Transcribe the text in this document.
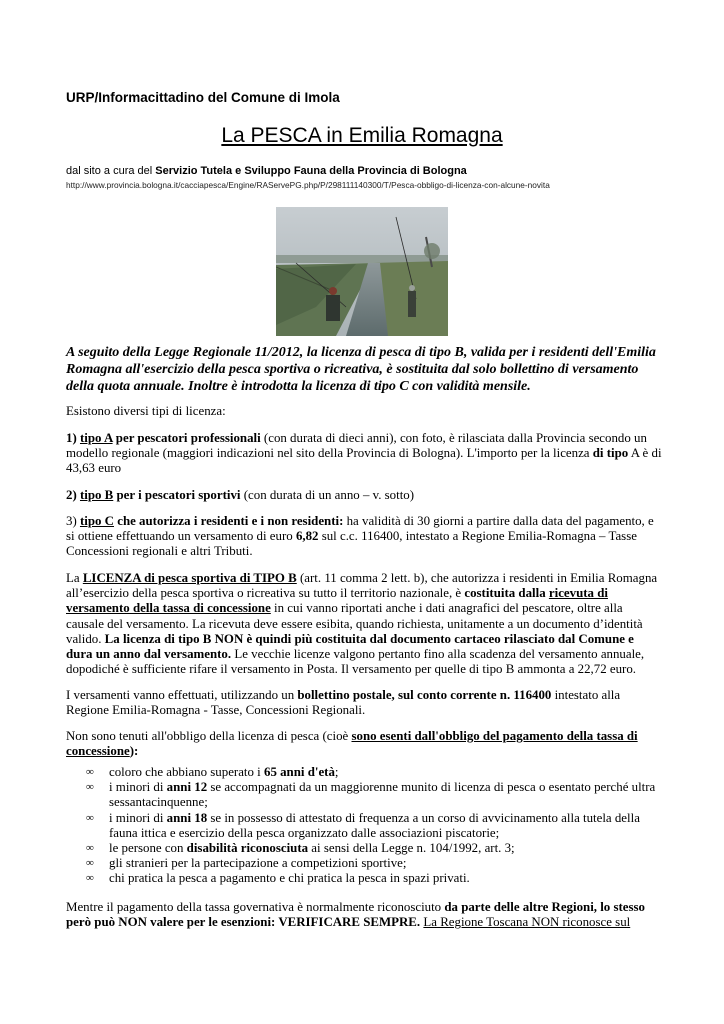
URP/Informacittadino del Comune di Imola
La PESCA in Emilia Romagna
dal sito a cura del Servizio Tutela e Sviluppo Fauna della Provincia di Bologna
http://www.provincia.bologna.it/cacciapesca/Engine/RAServePG.php/P/298111140300/T/Pesca-obbligo-di-licenza-con-alcune-novita
A seguito della Legge Regionale 11/2012, la licenza di pesca di tipo B, valida per i residenti dell'Emilia Romagna all'esercizio della pesca sportiva o ricreativa, è sostituita dal solo bollettino di versamento della quota annuale. Inoltre è introdotta la licenza di tipo C con validità mensile.
Esistono diversi tipi di licenza:
1) tipo A per pescatori professionali (con durata di dieci anni), con foto, è rilasciata dalla Provincia secondo un modello regionale (maggiori indicazioni nel sito della Provincia di Bologna). L'importo per la licenza di tipo A è di 43,63 euro
2) tipo B per i pescatori sportivi (con durata di un anno – v. sotto)
3) tipo C che autorizza i residenti e i non residenti: ha validità di 30 giorni a partire dalla data del pagamento, e si ottiene effettuando un versamento di euro 6,82 sul c.c. 116400, intestato a Regione Emilia-Romagna – Tasse Concessioni regionali e altri Tributi.
La LICENZA di pesca sportiva di TIPO B (art. 11 comma 2 lett. b), che autorizza i residenti in Emilia Romagna all’esercizio della pesca sportiva o ricreativa su tutto il territorio nazionale, è costituita dalla ricevuta di versamento della tassa di concessione in cui vanno riportati anche i dati anagrafici del pescatore, oltre alla causale del versamento. La ricevuta deve essere esibita, quando richiesta, unitamente a un documento d’identità valido. La licenza di tipo B NON è quindi più costituita dal documento cartaceo rilasciato dal Comune e dura un anno dal versamento. Le vecchie licenze valgono pertanto fino alla scadenza del versamento annuale, dopodiché è sufficiente rifare il versamento in Posta. Il versamento per quelle di tipo B ammonta a 22,72 euro.
I versamenti vanno effettuati, utilizzando un bollettino postale, sul conto corrente n. 116400 intestato alla Regione Emilia-Romagna - Tasse, Concessioni Regionali.
Non sono tenuti all'obbligo della licenza di pesca (cioè sono esenti dall'obbligo del pagamento della tassa di concessione):
∞ coloro che abbiano superato i 65 anni d'età;
∞ i minori di anni 12 se accompagnati da un maggiorenne munito di licenza di pesca o esentato perché ultra sessantacinquenne;
∞ i minori di anni 18 se in possesso di attestato di frequenza a un corso di avvicinamento alla tutela della fauna ittica e esercizio della pesca organizzato dalle associazioni piscatorie;
∞ le persone con disabilità riconosciuta ai sensi della Legge n. 104/1992, art. 3;
∞ gli stranieri per la partecipazione a competizioni sportive;
∞ chi pratica la pesca a pagamento e chi pratica la pesca in spazi privati.
Mentre il pagamento della tassa governativa è normalmente riconosciuto da parte delle altre Regioni, lo stesso però può NON valere per le esenzioni: VERIFICARE SEMPRE. La Regione Toscana NON riconosce sul
